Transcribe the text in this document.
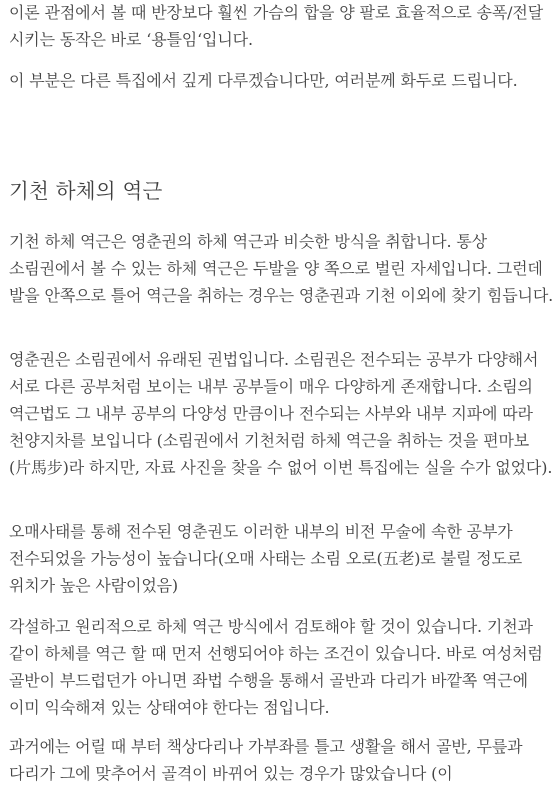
이론 관점에서 볼 때 반장보다 훨씬 가슴의 합을 양 팔로 효율적으로 송폭/전달 시키는 동작은 바로 ‘용틀임‘입니다.

이 부분은 다른 특집에서 깊게 다루겠습니다만, 여러분께 화두로 드립니다.

기천 하체의 역근

기천 하체 역근은 영춘권의 하체 역근과 비슷한 방식을 취합니다. 통상 소림권에서 볼 수 있는 하체 역근은 두발을 양 쪽으로 벌린 자세입니다. 그런데 발을 안쪽으로 틀어 역근을 취하는 경우는 영춘권과 기천 이외에 찾기 힘듭니다.

영춘권은 소림권에서 유래된 권법입니다. 소림권은 전수되는 공부가 다양해서 서로 다른 공부처럼 보이는 내부 공부들이 매우 다양하게 존재합니다. 소림의 역근법도 그 내부 공부의 다양성 만큼이나 전수되는 사부와 내부 지파에 따라 천양지차를 보입니다 (소림권에서 기천처럼 하체 역근을 취하는 것을 편마보(片馬步)라 하지만, 자료 사진을 찾을 수 없어 이번 특집에는 실을 수가 없었다).

오매사태를 통해 전수된 영춘권도 이러한 내부의 비전 무술에 속한 공부가 전수되었을 가능성이 높습니다(오매 사태는 소림 오로(五老)로 불릴 정도로 위치가 높은 사람이었음)

각설하고 원리적으로 하체 역근 방식에서 검토해야 할 것이 있습니다. 기천과 같이 하체를 역근 할 때 먼저 선행되어야 하는 조건이 있습니다. 바로 여성처럼 골반이 부드럽던가 아니면 좌법 수행을 통해서 골반과 다리가 바깥쪽 역근에 이미 익숙해져 있는 상태여야 한다는 점입니다.

과거에는 어릴 때 부터 책상다리나 가부좌를 틀고 생활을 해서 골반, 무릎과 다리가 그에 맞추어서 골격이 바뀌어 있는 경우가 많았습니다 (이
